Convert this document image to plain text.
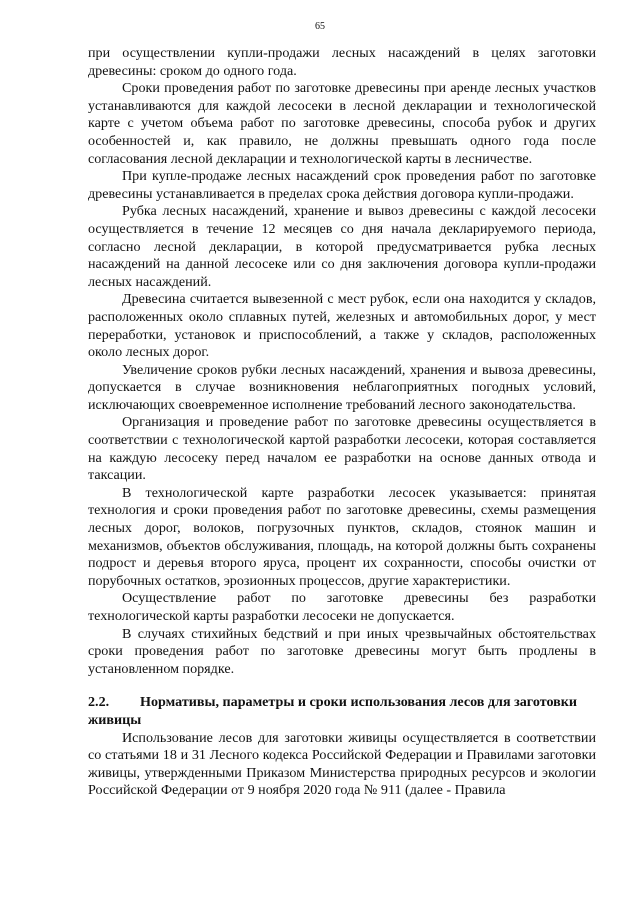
65

при осуществлении купли-продажи лесных насаждений в целях заготовки древесины: сроком до одного года.

Сроки проведения работ по заготовке древесины при аренде лесных участков устанавливаются для каждой лесосеки в лесной декларации и технологической карте с учетом объема работ по заготовке древесины, способа рубок и других особенностей и, как правило, не должны превышать одного года после согласования лесной декларации и технологической карты в лесничестве.

При купле-продаже лесных насаждений срок проведения работ по заготовке древесины устанавливается в пределах срока действия договора купли-продажи.

Рубка лесных насаждений, хранение и вывоз древесины с каждой лесосеки осуществляется в течение 12 месяцев со дня начала декларируемого периода, согласно лесной декларации, в которой предусматривается рубка лесных насаждений на данной лесосеке или со дня заключения договора купли-продажи лесных насаждений.

Древесина считается вывезенной с мест рубок, если она находится у складов, расположенных около сплавных путей, железных и автомобильных дорог, у мест переработки, установок и приспособлений, а также у складов, расположенных около лесных дорог.

Увеличение сроков рубки лесных насаждений, хранения и вывоза древесины, допускается в случае возникновения неблагоприятных погодных условий, исключающих своевременное исполнение требований лесного законодательства.

Организация и проведение работ по заготовке древесины осуществляется в соответствии с технологической картой разработки лесосеки, которая составляется на каждую лесосеку перед началом ее разработки на основе данных отвода и таксации.

В технологической карте разработки лесосек указывается: принятая технология и сроки проведения работ по заготовке древесины, схемы размещения лесных дорог, волоков, погрузочных пунктов, складов, стоянок машин и механизмов, объектов обслуживания, площадь, на которой должны быть сохранены подрост и деревья второго яруса, процент их сохранности, способы очистки от порубочных остатков, эрозионных процессов, другие характеристики.

Осуществление работ по заготовке древесины без разработки технологической карты разработки лесосеки не допускается.

В случаях стихийных бедствий и при иных чрезвычайных обстоятельствах сроки проведения работ по заготовке древесины могут быть продлены в установленном порядке.

2.2. Нормативы, параметры и сроки использования лесов для заготовки живицы

Использование лесов для заготовки живицы осуществляется в соответствии со статьями 18 и 31 Лесного кодекса Российской Федерации и Правилами заготовки живицы, утвержденными Приказом Министерства природных ресурсов и экологии Российской Федерации от 9 ноября 2020 года № 911 (далее - Правила
